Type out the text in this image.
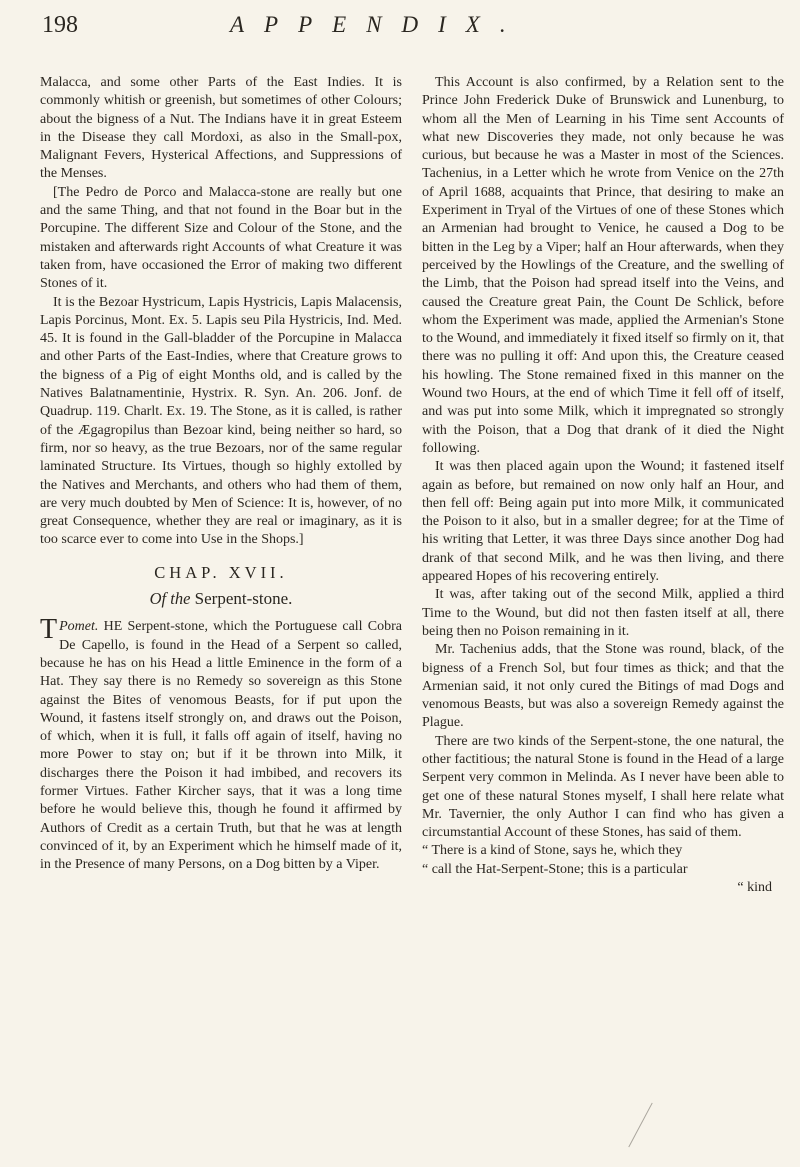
198	APPENDIX.

Malacca, and some other Parts of the East Indies. It is commonly whitish or greenish, but sometimes of other Colours; about the bigness of a Nut. The Indians have it in great Esteem in the Disease they call Mordoxi, as also in the Small-pox, Malignant Fevers, Hysterical Affections, and Suppressions of the Menses.

[The Pedro de Porco and Malacca-stone are really but one and the same Thing, and that not found in the Boar but in the Porcupine. The different Size and Colour of the Stone, and the mistaken and afterwards right Accounts of what Creature it was taken from, have occasioned the Error of making two different Stones of it.

It is the Bezoar Hystricum, Lapis Hystricis, Lapis Malacensis, Lapis Porcinus, Mont. Ex. 5. Lapis seu Pila Hystricis, Ind. Med. 45. It is found in the Gall-bladder of the Porcupine in Malacca and other Parts of the East-Indies, where that Creature grows to the bigness of a Pig of eight Months old, and is called by the Natives Balatnamentinie, Hystrix. R. Syn. An. 206. Jonf. de Quadrup. 119. Charlt. Ex. 19. The Stone, as it is called, is rather of the Ægagropilus than Bezoar kind, being neither so hard, so firm, nor so heavy, as the true Bezoars, nor of the same regular laminated Structure. Its Virtues, though so highly extolled by the Natives and Merchants, and others who had them of them, are very much doubted by Men of Science: It is, however, of no great Consequence, whether they are real or imaginary, as it is too scarce ever to come into Use in the Shops.]

CHAP. XVII.
Of the Serpent-stone.

Pomet.
T	HE Serpent-stone, which the Portuguese call Cobra De Capello, is found in the Head of a Serpent so called, because he has on his Head a little Eminence in the form of a Hat. They say there is no Remedy so sovereign as this Stone against the Bites of venomous Beasts, for if put upon the Wound, it fastens itself strongly on, and draws out the Poison, of which, when it is full, it falls off again of itself, having no more Power to stay on; but if it be thrown into Milk, it discharges there the Poison it had imbibed, and recovers its former Virtues. Father Kircher says, that it was a long time before he would believe this, though he found it affirmed by Authors of Credit as a certain Truth, but that he was at length convinced of it, by an Experiment which he himself made of it, in the Presence of many Persons, on a Dog bitten by a Viper.

This Account is also confirmed, by a Relation sent to the Prince John Frederick Duke of Brunswick and Lunenburg, to whom all the Men of Learning in his Time sent Accounts of what new Discoveries they made, not only because he was curious, but because he was a Master in most of the Sciences. Tachenius, in a Letter which he wrote from Venice on the 27th of April 1688, acquaints that Prince, that desiring to make an Experiment in Tryal of the Virtues of one of these Stones which an Armenian had brought to Venice, he caused a Dog to be bitten in the Leg by a Viper; half an Hour afterwards, when they perceived by the Howlings of the Creature, and the swelling of the Limb, that the Poison had spread itself into the Veins, and caused the Creature great Pain, the Count De Schlick, before whom the Experiment was made, applied the Armenian's Stone to the Wound, and immediately it fixed itself so firmly on it, that there was no pulling it off: And upon this, the Creature ceased his howling. The Stone remained fixed in this manner on the Wound two Hours, at the end of which Time it fell off of itself, and was put into some Milk, which it impregnated so strongly with the Poison, that a Dog that drank of it died the Night following.

It was then placed again upon the Wound; it fastened itself again as before, but remained on now only half an Hour, and then fell off: Being again put into more Milk, it communicated the Poison to it also, but in a smaller degree; for at the Time of his writing that Letter, it was three Days since another Dog had drank of that second Milk, and he was then living, and there appeared Hopes of his recovering entirely.

It was, after taking out of the second Milk, applied a third Time to the Wound, but did not then fasten itself at all, there being then no Poison remaining in it.

Mr. Tachenius adds, that the Stone was round, black, of the bigness of a French Sol, but four times as thick; and that the Armenian said, it not only cured the Bitings of mad Dogs and venomous Beasts, but was also a sovereign Remedy against the Plague.

There are two kinds of the Serpent-stone, the one natural, the other factitious; the natural Stone is found in the Head of a large Serpent very common in Melinda. As I never have been able to get one of these natural Stones myself, I shall here relate what Mr. Tavernier, the only Author I can find who has given a circumstantial Account of these Stones, has said of them.

“ There is a kind of Stone, says he, which they
“ call the Hat-Serpent-Stone; this is a particular
“ kind
